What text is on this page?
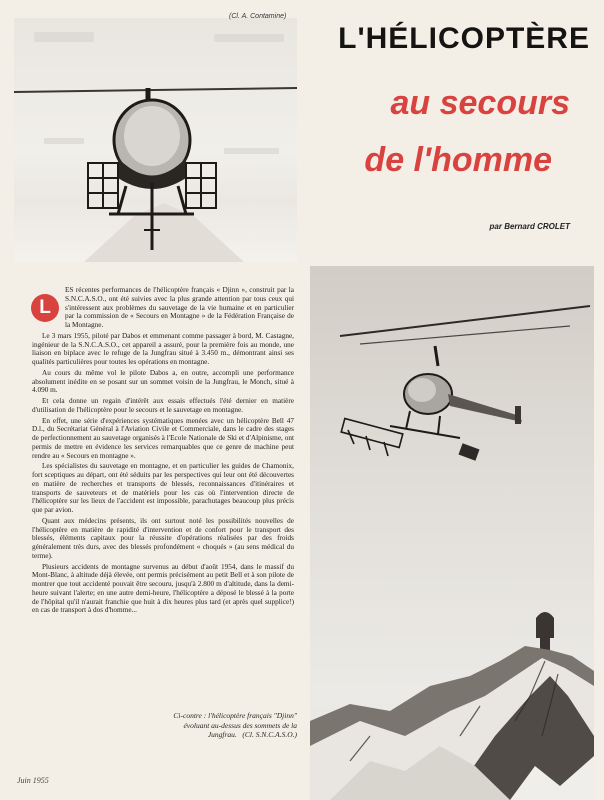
(Cl. A. Contamine)
L'HÉLICOPTÈRE
au secours
de l'homme
par Bernard CROLET

L
ES récentes performances de l'hélicoptère français « Djinn », construit par la S.N.C.A.S.O., ont été suivies avec la plus grande attention par tous ceux qui s'intéressent aux problèmes du sauvetage de la vie humaine et en particulier par la commission de « Secours en Montagne » de la Fédération Française de la Montagne.

Le 3 mars 1955, piloté par Dabos et emmenant comme passager à bord, M. Castagne, ingénieur de la S.N.C.A.S.O., cet appareil a assuré, pour la première fois au monde, une liaison en biplace avec le refuge de la Jungfrau situé à 3.450 m., démontrant ainsi ses qualités particulières pour toutes les opérations en montagne.

Au cours du même vol le pilote Dabos a, en outre, accompli une performance absolument inédite en se posant sur un sommet voisin de la Jungfrau, le Monch, situé à 4.090 m.

Et cela donne un regain d'intérêt aux essais effectués l'été dernier en matière d'utilisation de l'hélicoptère pour le secours et le sauvetage en montagne.

En effet, une série d'expériences systématiques menées avec un hélicoptère Bell 47 D.l., du Secrétariat Général à l'Aviation Civile et Commerciale, dans le cadre des stages de perfectionnement au sauvetage organisés à l'Ecole Nationale de Ski et d'Alpinisme, ont permis de mettre en évidence les services remarquables que ce genre de machine peut rendre au « Secours en montagne ».

Les spécialistes du sauvetage en montagne, et en particulier les guides de Chamonix, fort sceptiques au départ, ont été séduits par les perspectives qui leur ont été découvertes en matière de recherches et transports de blessés, reconnaissances d'itinéraires et transports de sauveteurs et de matériels pour les cas où l'intervention directe de l'hélicoptère sur les lieux de l'accident est impossible, parachutages beaucoup plus précis que par avion.

Quant aux médecins présents, ils ont surtout noté les possibilités nouvelles de l'hélicoptère en matière de rapidité d'intervention et de confort pour le transport des blessés, éléments capitaux pour la réussite d'opérations réalisées par des froids généralement très durs, avec des blessés profondément « choqués » (au sens médical du terme).

Plusieurs accidents de montagne survenus au début d'août 1954, dans le massif du Mont-Blanc, à altitude déjà élevée, ont permis précisément au petit Bell et à son pilote de montrer que tout accidenté pouvait être secouru, jusqu'à 2.800 m d'altitude, dans la demi-heure suivant l'alerte; en une autre demi-heure, l'hélicoptère a déposé le blessé à la porte de l'hôpital qu'il n'aurait franchie que huit à dix heures plus tard (et après quel supplice!) en cas de transport à dos d'homme...

Ci-contre : l'hélicoptère français "Djinn"
évoluant au-dessus des sommets de la
Jungfrau. (Cl. S.N.C.A.S.O.)
Juin 1955
